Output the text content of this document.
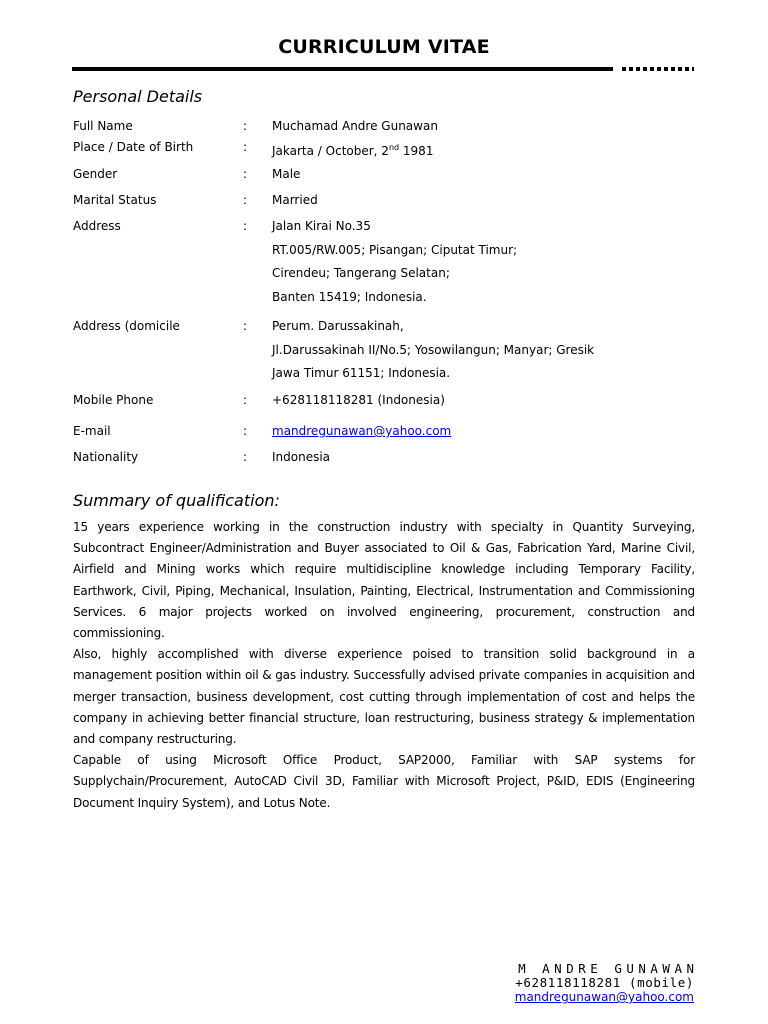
CURRICULUM VITAE
Personal Details
Full Name	: Muchamad Andre Gunawan
Place / Date of Birth	: Jakarta / October, 2nd 1981
Gender	: Male
Marital Status	: Married
Address	: Jalan Kirai No.35
RT.005/RW.005; Pisangan; Ciputat Timur;
Cirendeu; Tangerang Selatan;
Banten 15419; Indonesia.
Address (domicile	: Perum. Darussakinah,
Jl.Darussakinah II/No.5; Yosowilangun; Manyar; Gresik
Jawa Timur 61151; Indonesia.
Mobile Phone	: +628118118281 (Indonesia)
E-mail	: mandregunawan@yahoo.com
Nationality	: Indonesia
Summary of qualification:

15 years experience working in the construction industry with specialty in Quantity Surveying, Subcontract Engineer/Administration and Buyer associated to Oil & Gas, Fabrication Yard, Marine Civil, Airfield and Mining works which require multidiscipline knowledge including Temporary Facility, Earthwork, Civil, Piping, Mechanical, Insulation, Painting, Electrical, Instrumentation and Commissioning Services. 6 major projects worked on involved engineering, procurement, construction and commissioning.

Also, highly accomplished with diverse experience poised to transition solid background in a management position within oil & gas industry. Successfully advised private companies in acquisition and merger transaction, business development, cost cutting through implementation of cost and helps the company in achieving better financial structure, loan restructuring, business strategy & implementation and company restructuring.

Capable of using Microsoft Office Product, SAP2000, Familiar with SAP systems for Supplychain/Procurement, AutoCAD Civil 3D, Familiar with Microsoft Project, P&ID, EDIS (Engineering Document Inquiry System), and Lotus Note.

M ANDRE GUNAWAN
+628118118281 (mobile)
mandregunawan@yahoo.com
